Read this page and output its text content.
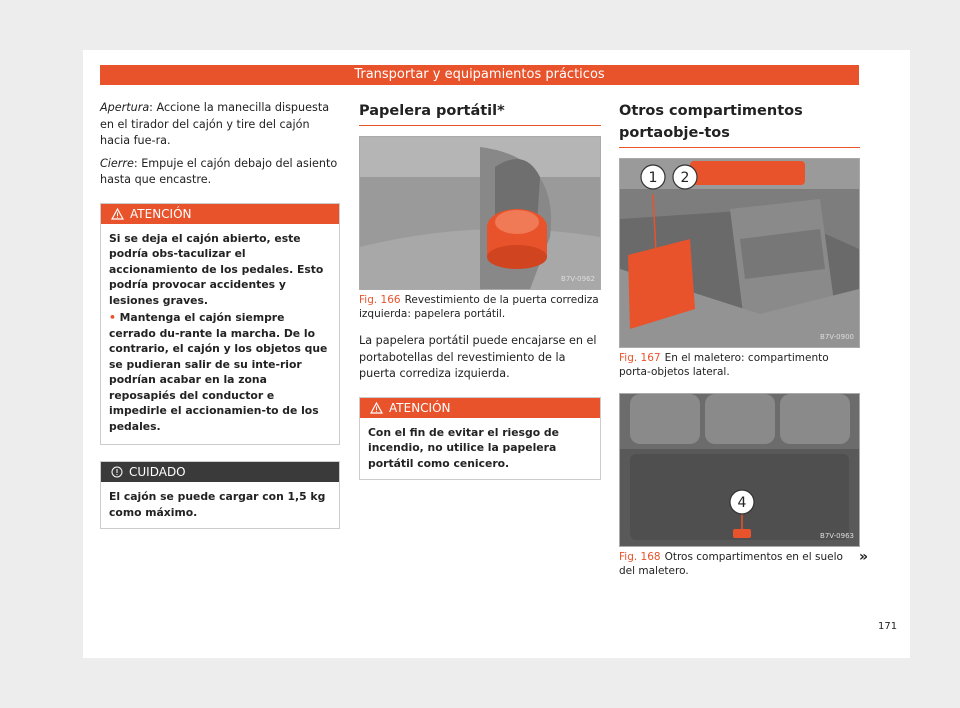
Transportar y equipamientos prácticos

Apertura: Accione la manecilla dispuesta en el tirador del cajón y tire del cajón hacia fue-ra.

Cierre: Empuje el cajón debajo del asiento hasta que encastre.

ATENCIÓN

Si se deja el cajón abierto, este podría obs-taculizar el accionamiento de los pedales. Esto podría provocar accidentes y lesiones graves.

• Mantenga el cajón siempre cerrado du-rante la marcha. De lo contrario, el cajón y los objetos que se pudieran salir de su inte-rior podrían acabar en la zona reposapiés del conductor e impedirle el accionamien-to de los pedales.

CUIDADO
El cajón se puede cargar con 1,5 kg como máximo.
Papelera portátil*
B7V-0962
Fig. 166 Revestimiento de la puerta corrediza izquierda: papelera portátil.

La papelera portátil puede encajarse en el portabotellas del revestimiento de la puerta corrediza izquierda.

ATENCIÓN
Con el fin de evitar el riesgo de incendio, no utilice la papelera portátil como cenicero.
Otros compartimentos portaobje-tos
1 2
B7V-0900
Fig. 167 En el maletero: compartimento porta-objetos lateral.
4
B7V-0963
Fig. 168 Otros compartimentos en el suelo del maletero.
»
171
